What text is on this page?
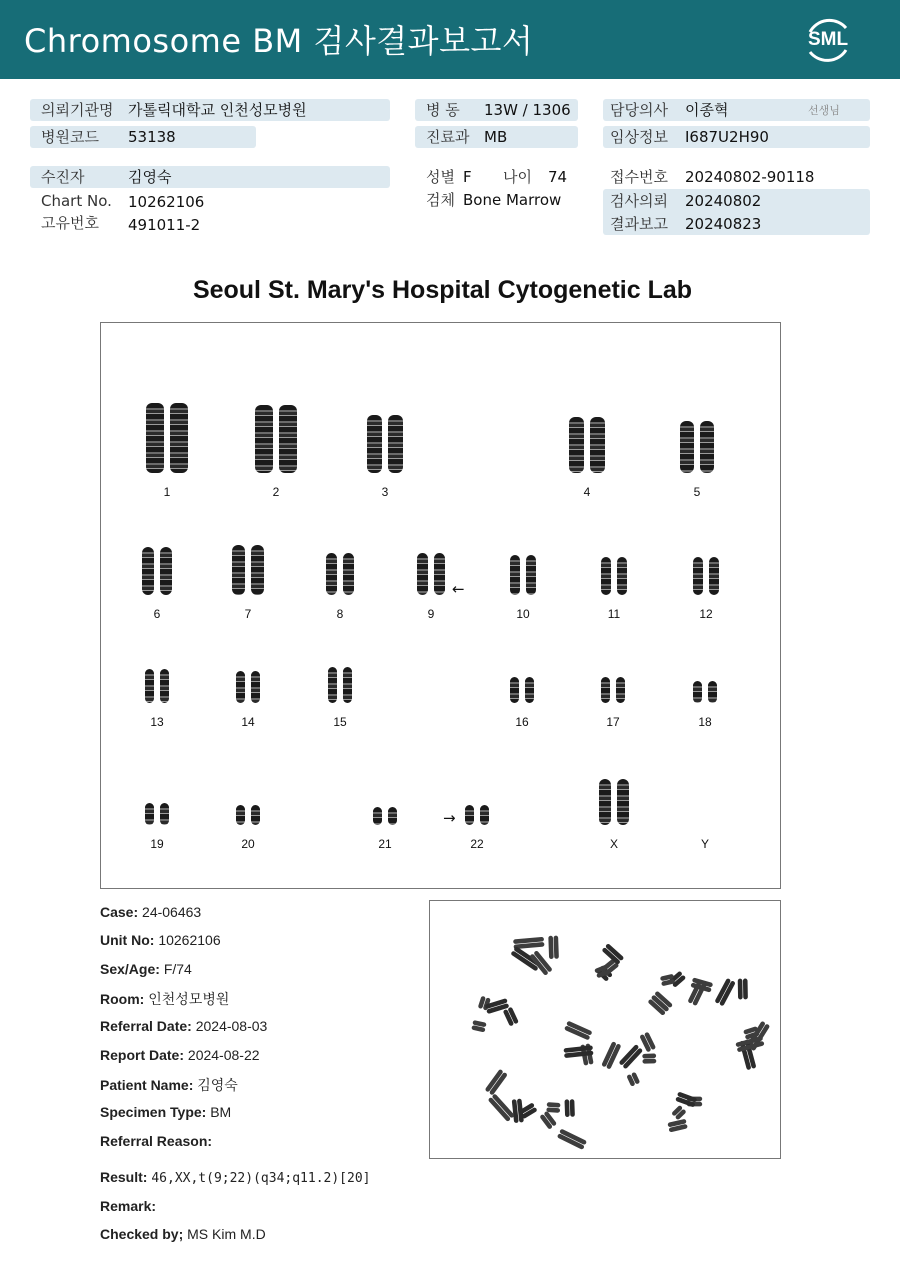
Chromosome BM 검사결과보고서	SML
의뢰기관명 가톨릭대학교 인천성모병원
병원코드 53138
병 동 13W / 1306
진료과 MB
담당의사 이종혁	선생님
임상정보 I687U2H90
수진자	김영숙
Chart No. 10262106
고유번호 491011-2
성별 F 나이 74
검체 Bone Marrow
접수번호 20240802-90118
검사의뢰 20240802
결과보고 20240823
Seoul St. Mary's Hospital Cytogenetic Lab
1	2	3	4	5
6	7	8	9	10	11	12
13	14	15	16	17	18
19	20	21	22	X	Y
←
→
Case: 24-06463
Unit No: 10262106
Sex/Age: F/74
Room: 인천성모병원
Referral Date: 2024-08-03
Report Date: 2024-08-22
Patient Name: 김영숙
Specimen Type: BM
Referral Reason:
Result: 46,XX,t(9;22)(q34;q11.2)[20]
Remark:
Checked by; MS Kim M.D
